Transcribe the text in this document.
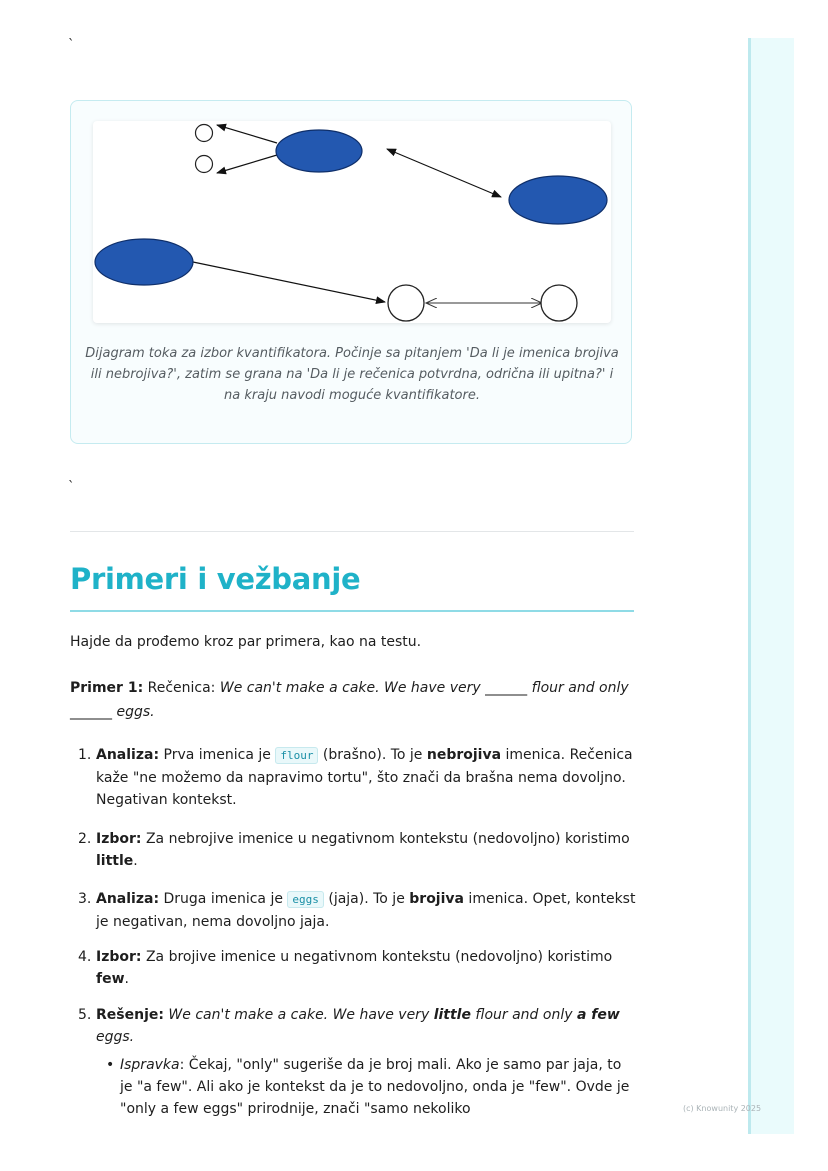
(c) Knowunity 2025
`
Dijagram toka za izbor kvantifikatora. Počinje sa pitanjem 'Da li je imenica brojiva ili nebrojiva?', zatim se grana na 'Da li je rečenica potvrdna, odrična ili upitna?' i na kraju navodi moguće kvantifikatore.
`
Primeri i vežbanje
Hajde da prođemo kroz par primera, kao na testu.
Primer 1: Rečenica: We can't make a cake. We have very ______ flour and only ______ eggs.
1. Analiza: Prva imenica je flour (brašno). To je nebrojiva imenica. Rečenica kaže "ne možemo da napravimo tortu", što znači da brašna nema dovoljno. Negativan kontekst.
2. Izbor: Za nebrojive imenice u negativnom kontekstu (nedovoljno) koristimo little.
3. Analiza: Druga imenica je eggs (jaja). To je brojiva imenica. Opet, kontekst je negativan, nema dovoljno jaja.
4. Izbor: Za brojive imenice u negativnom kontekstu (nedovoljno) koristimo few.
5. Rešenje: We can't make a cake. We have very little flour and only a few eggs.
• Ispravka: Čekaj, "only" sugeriše da je broj mali. Ako je samo par jaja, to je "a few". Ali ako je kontekst da je to nedovoljno, onda je "few". Ovde je "only a few eggs" prirodnije, znači "samo nekoliko
